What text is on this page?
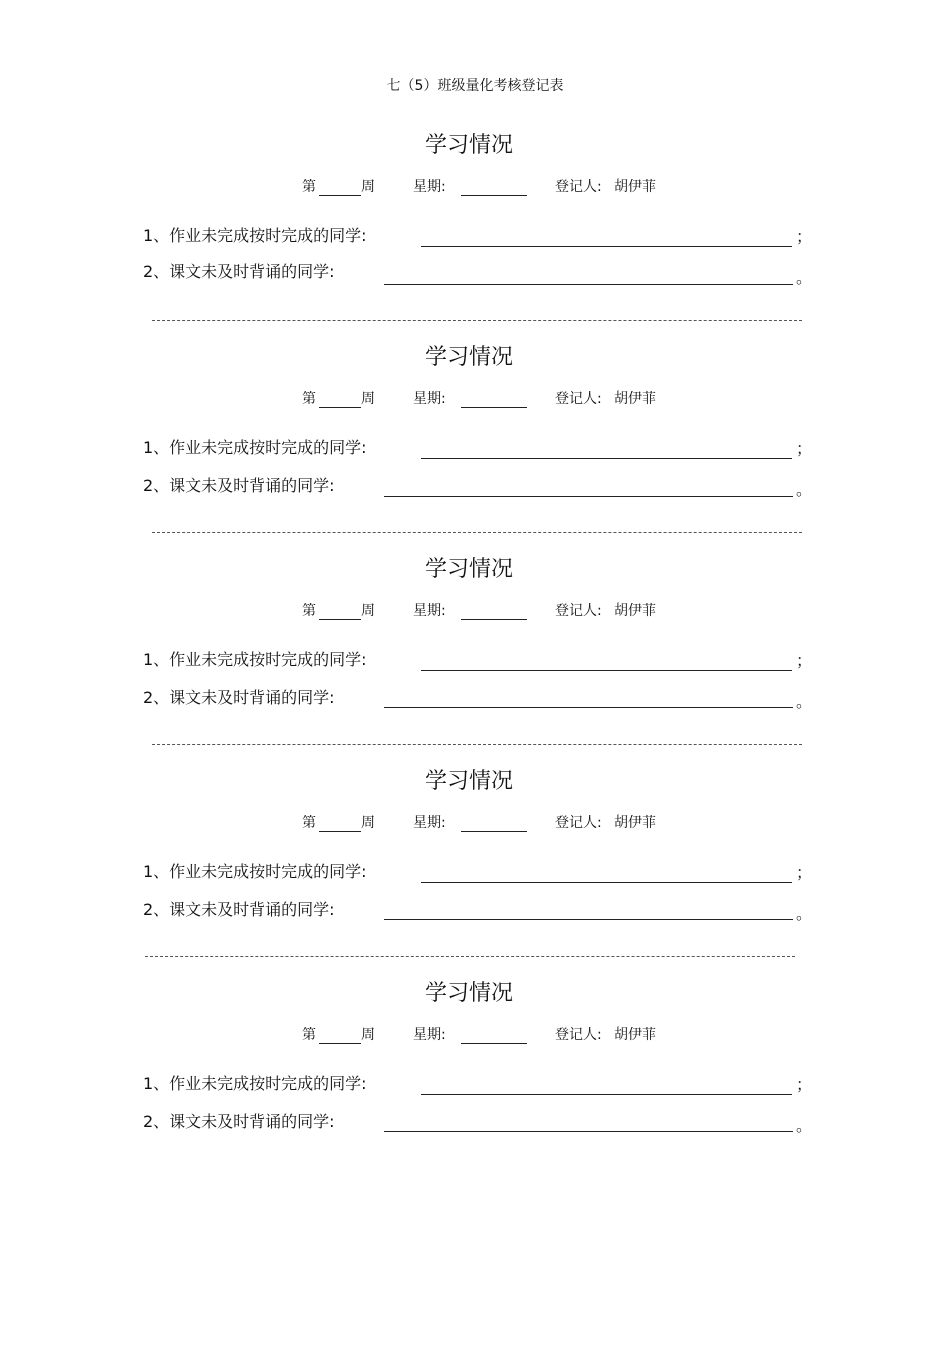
七（5）班级量化考核登记表
学习情况
第	周	星期:	登记人: 胡伊菲
1、作业未完成按时完成的同学:	；
2、课文未及时背诵的同学:	。
学习情况
第	周	星期:	登记人: 胡伊菲
1、作业未完成按时完成的同学:	；
2、课文未及时背诵的同学:	。
学习情况
第	周	星期:	登记人: 胡伊菲
1、作业未完成按时完成的同学:	；
2、课文未及时背诵的同学:	。
学习情况
第	周	星期:	登记人: 胡伊菲
1、作业未完成按时完成的同学:	；
2、课文未及时背诵的同学:	。
学习情况
第	周	星期:	登记人: 胡伊菲
1、作业未完成按时完成的同学:	；
2、课文未及时背诵的同学:	。
